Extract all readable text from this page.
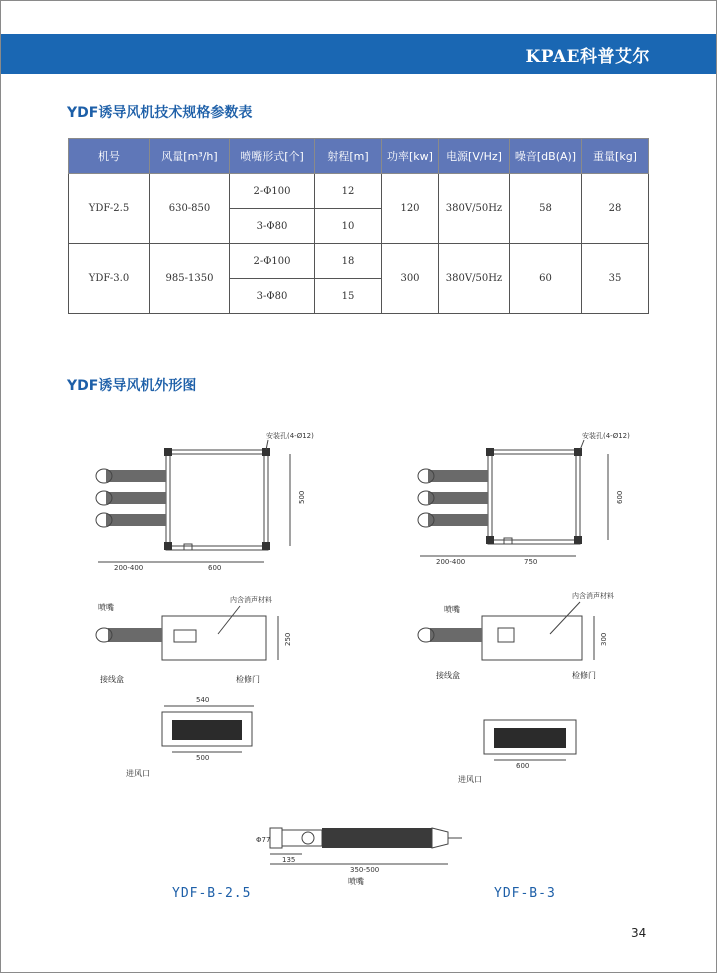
KPAE科普艾尔
YDF诱导风机技术规格参数表
机号	风量[m³/h]	喷嘴形式[个]	射程[m]	功率[kw]	电源[V/Hz]	噪音[dB(A)]	重量[kg]
YDF-2.5	630-850	2-Φ100	12	120	380V/50Hz	58	28
		3-Φ80	10				
YDF-3.0	985-1350	2-Φ100	18	300	380V/50Hz	60	35
		3-Φ80	15				
YDF诱导风机外形图
500
200-400	600
安装孔(4-Ø12)
250
内含消声材料
喷嘴
接线盒	检修门
540
500
进风口
600
200-400	750
安装孔(4-Ø12)
300
内含消声材料
喷嘴
接线盒	检修门
600
进风口
Φ77
135
350-500
喷嘴
YDF-B-2.5	YDF-B-3
34
